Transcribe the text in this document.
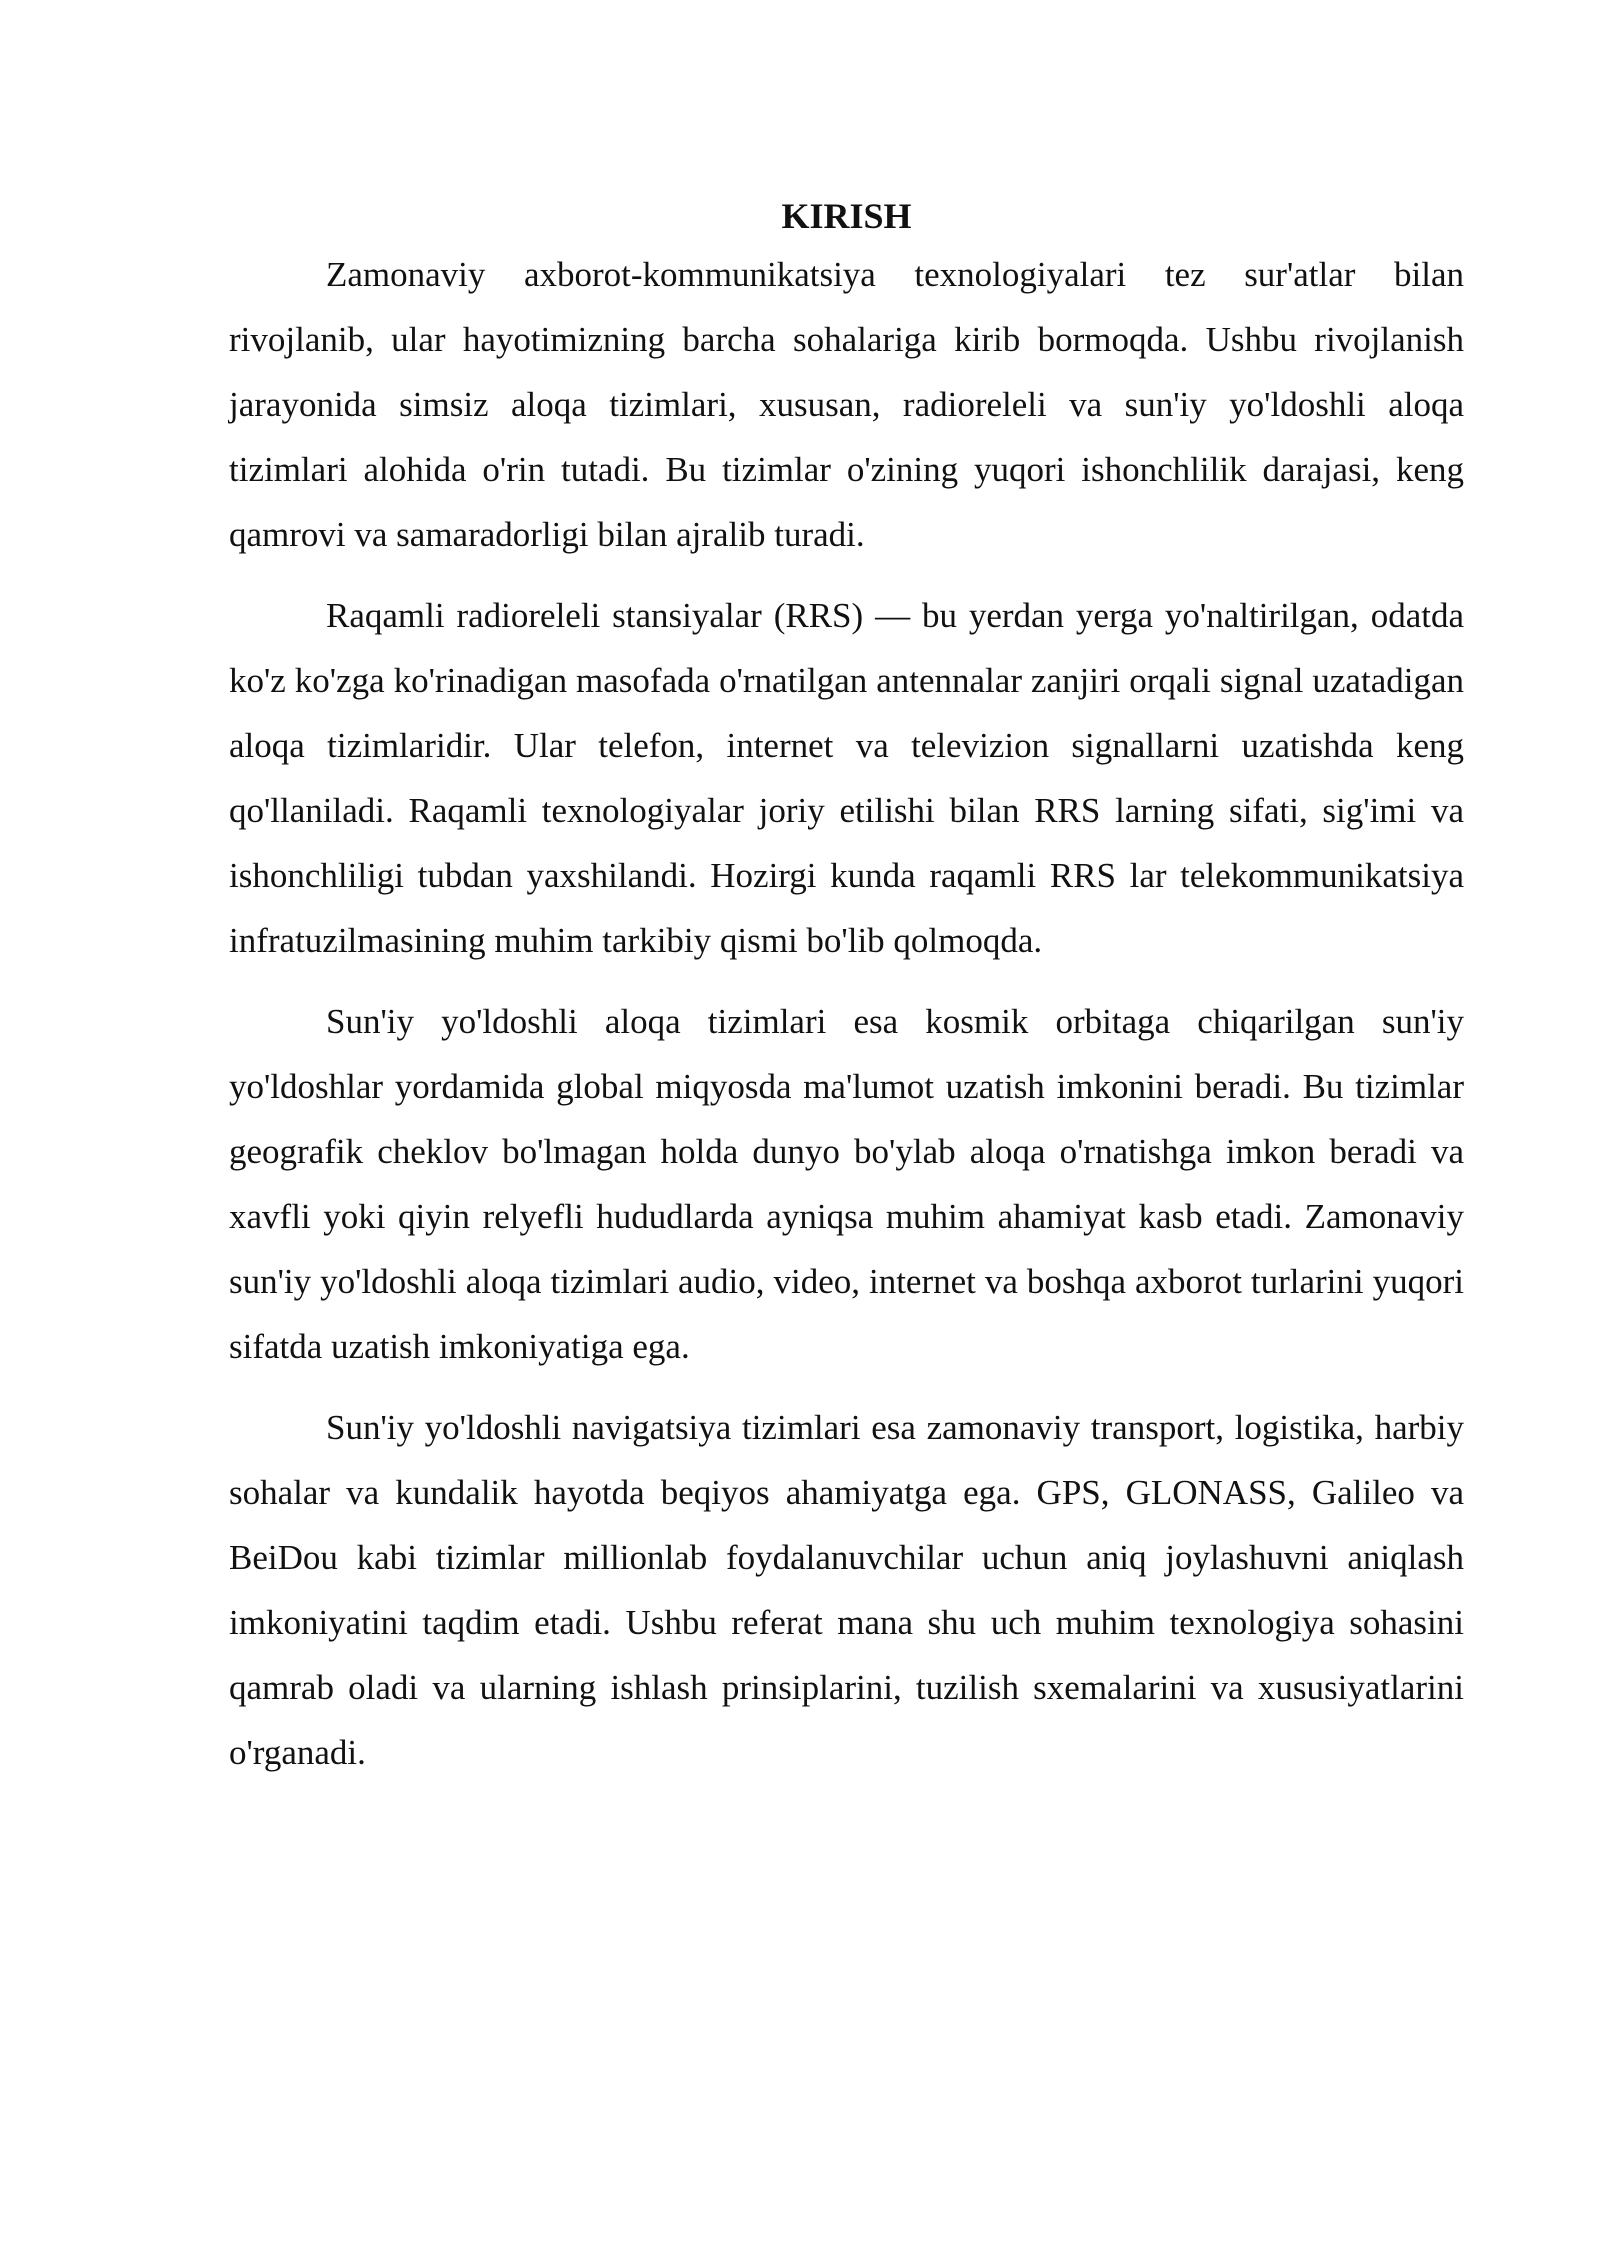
KIRISH

Zamonaviy axborot-kommunikatsiya texnologiyalari tez sur'atlar bilan rivojlanib, ular hayotimizning barcha sohalariga kirib bormoqda. Ushbu rivojlanish jarayonida simsiz aloqa tizimlari, xususan, radioreleli va sun'iy yo'ldoshli aloqa tizimlari alohida o'rin tutadi. Bu tizimlar o'zining yuqori ishonchlilik darajasi, keng qamrovi va samaradorligi bilan ajralib turadi.

Raqamli radioreleli stansiyalar (RRS) — bu yerdan yerga yo'naltirilgan, odatda ko'z ko'zga ko'rinadigan masofada o'rnatilgan antennalar zanjiri orqali signal uzatadigan aloqa tizimlaridir. Ular telefon, internet va televizion signallarni uzatishda keng qo'llaniladi. Raqamli texnologiyalar joriy etilishi bilan RRS larning sifati, sig'imi va ishonchliligi tubdan yaxshilandi. Hozirgi kunda raqamli RRS lar telekommunikatsiya infratuzilmasining muhim tarkibiy qismi bo'lib qolmoqda.

Sun'iy yo'ldoshli aloqa tizimlari esa kosmik orbitaga chiqarilgan sun'iy yo'ldoshlar yordamida global miqyosda ma'lumot uzatish imkonini beradi. Bu tizimlar geografik cheklov bo'lmagan holda dunyo bo'ylab aloqa o'rnatishga imkon beradi va xavfli yoki qiyin relyefli hududlarda ayniqsa muhim ahamiyat kasb etadi. Zamonaviy sun'iy yo'ldoshli aloqa tizimlari audio, video, internet va boshqa axborot turlarini yuqori sifatda uzatish imkoniyatiga ega.

Sun'iy yo'ldoshli navigatsiya tizimlari esa zamonaviy transport, logistika, harbiy sohalar va kundalik hayotda beqiyos ahamiyatga ega. GPS, GLONASS, Galileo va BeiDou kabi tizimlar millionlab foydalanuvchilar uchun aniq joylashuvni aniqlash imkoniyatini taqdim etadi. Ushbu referat mana shu uch muhim texnologiya sohasini qamrab oladi va ularning ishlash prinsiplarini, tuzilish sxemalarini va xususiyatlarini o'rganadi.
